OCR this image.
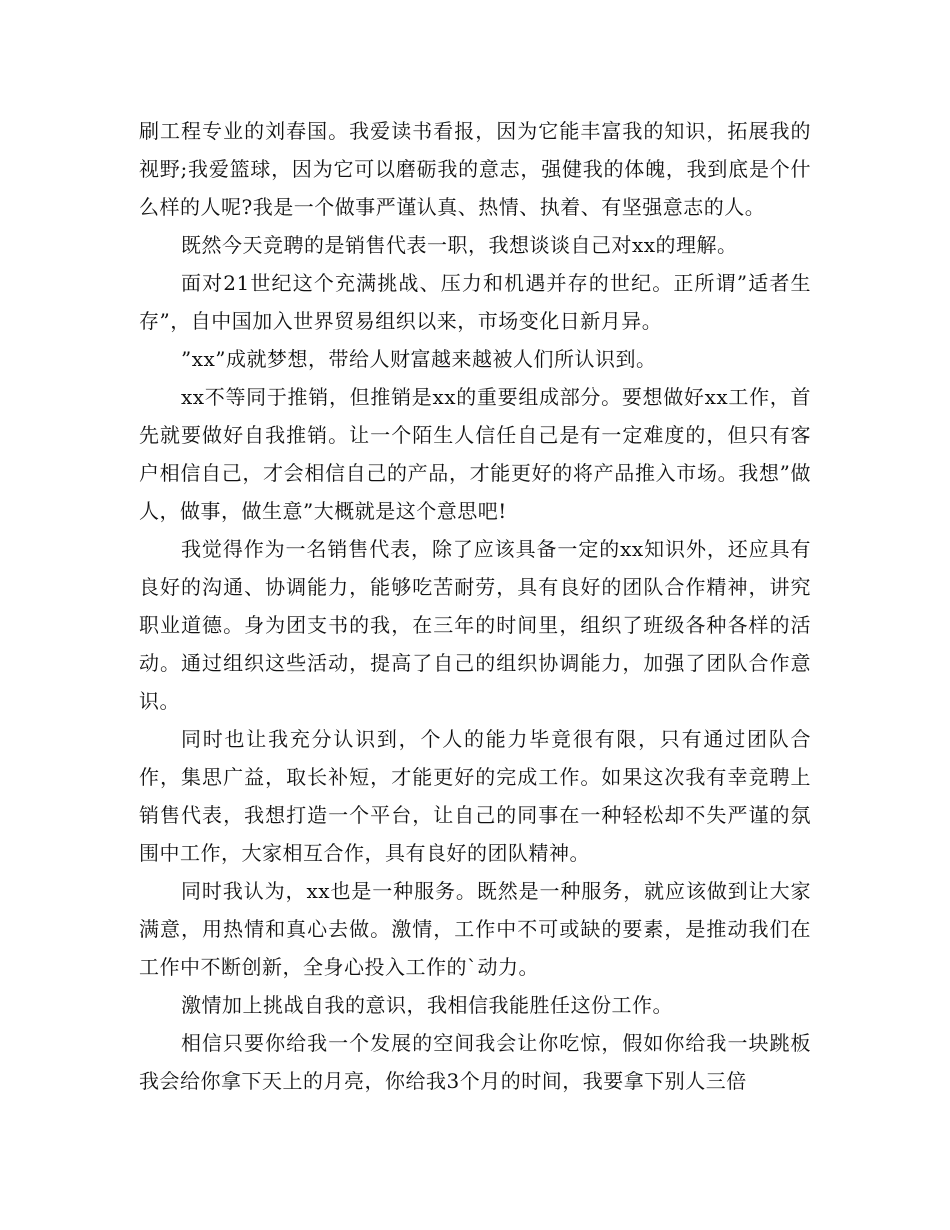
刷工程专业的刘春国。我爱读书看报，因为它能丰富我的知识，拓展我的视野;我爱篮球，因为它可以磨砺我的意志，强健我的体魄，我到底是个什么样的人呢?我是一个做事严谨认真、热情、执着、有坚强意志的人。

既然今天竞聘的是销售代表一职，我想谈谈自己对xx的理解。

面对21世纪这个充满挑战、压力和机遇并存的世纪。正所谓”适者生存”，自中国加入世界贸易组织以来，市场变化日新月异。

”xx”成就梦想，带给人财富越来越被人们所认识到。

xx不等同于推销，但推销是xx的重要组成部分。要想做好xx工作，首先就要做好自我推销。让一个陌生人信任自己是有一定难度的，但只有客户相信自己，才会相信自己的产品，才能更好的将产品推入市场。我想”做人，做事，做生意”大概就是这个意思吧!

我觉得作为一名销售代表，除了应该具备一定的xx知识外，还应具有良好的沟通、协调能力，能够吃苦耐劳，具有良好的团队合作精神，讲究职业道德。身为团支书的我，在三年的时间里，组织了班级各种各样的活动。通过组织这些活动，提高了自己的组织协调能力，加强了团队合作意识。

同时也让我充分认识到，个人的能力毕竟很有限，只有通过团队合作，集思广益，取长补短，才能更好的完成工作。如果这次我有幸竞聘上销售代表，我想打造一个平台，让自己的同事在一种轻松却不失严谨的氛围中工作，大家相互合作，具有良好的团队精神。

同时我认为，xx也是一种服务。既然是一种服务，就应该做到让大家满意，用热情和真心去做。激情，工作中不可或缺的要素，是推动我们在工作中不断创新，全身心投入工作的`动力。

激情加上挑战自我的意识，我相信我能胜任这份工作。

相信只要你给我一个发展的空间我会让你吃惊，假如你给我一块跳板我会给你拿下天上的月亮，你给我3个月的时间，我要拿下别人三倍
